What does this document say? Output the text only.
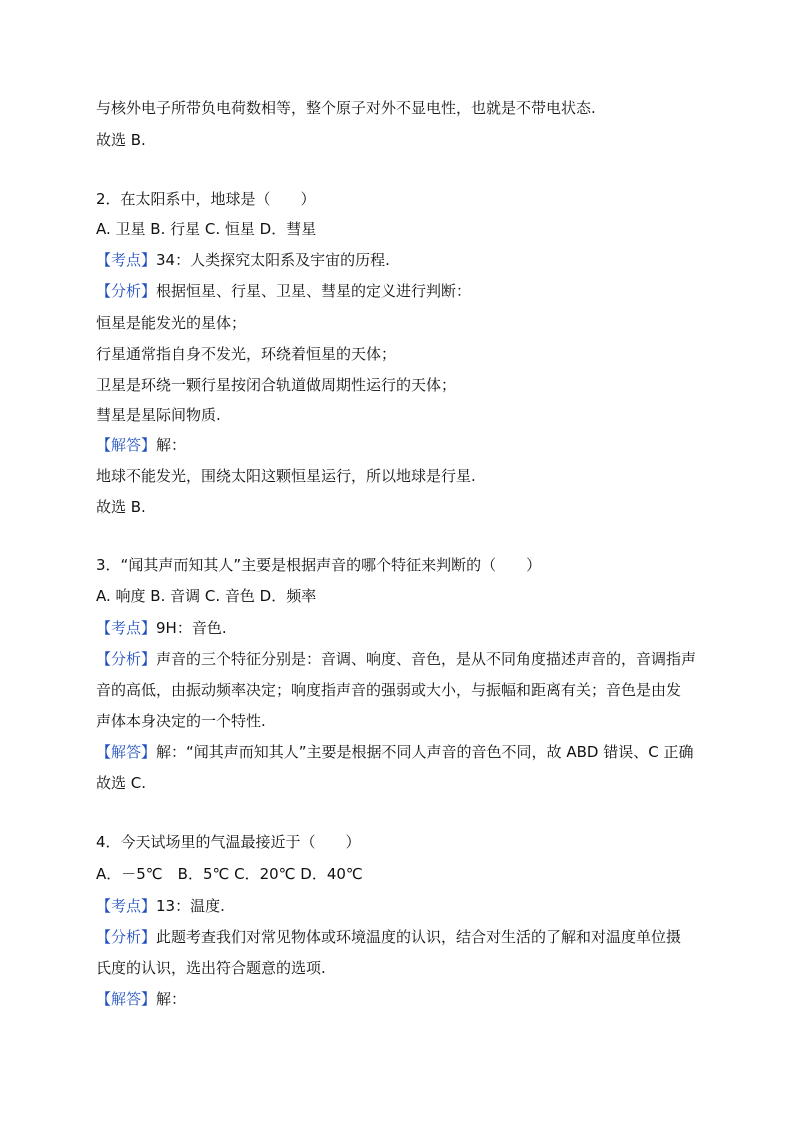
与核外电子所带负电荷数相等，整个原子对外不显电性，也就是不带电状态.
故选 B.
2．在太阳系中，地球是（　　）
A. 卫星 B. 行星 C. 恒星 D．彗星
【考点】34：人类探究太阳系及宇宙的历程.
【分析】根据恒星、行星、卫星、彗星的定义进行判断：
恒星是能发光的星体；
行星通常指自身不发光，环绕着恒星的天体；
卫星是环绕一颗行星按闭合轨道做周期性运行的天体；
彗星是星际间物质.
【解答】解：
地球不能发光，围绕太阳这颗恒星运行，所以地球是行星.
故选 B.
3．“闻其声而知其人”主要是根据声音的哪个特征来判断的（　　）
A. 响度 B. 音调 C. 音色 D．频率
【考点】9H：音色.
【分析】声音的三个特征分别是：音调、响度、音色，是从不同角度描述声音的，音调指声
音的高低，由振动频率决定；响度指声音的强弱或大小，与振幅和距离有关；音色是由发
声体本身决定的一个特性.
【解答】解：“闻其声而知其人”主要是根据不同人声音的音色不同，故 ABD 错误、C 正确
故选 C.
4．今天试场里的气温最接近于（　　）
A．－5℃　B．5℃ C．20℃ D．40℃
【考点】13：温度.
【分析】此题考查我们对常见物体或环境温度的认识，结合对生活的了解和对温度单位摄
氏度的认识，选出符合题意的选项.
【解答】解：
